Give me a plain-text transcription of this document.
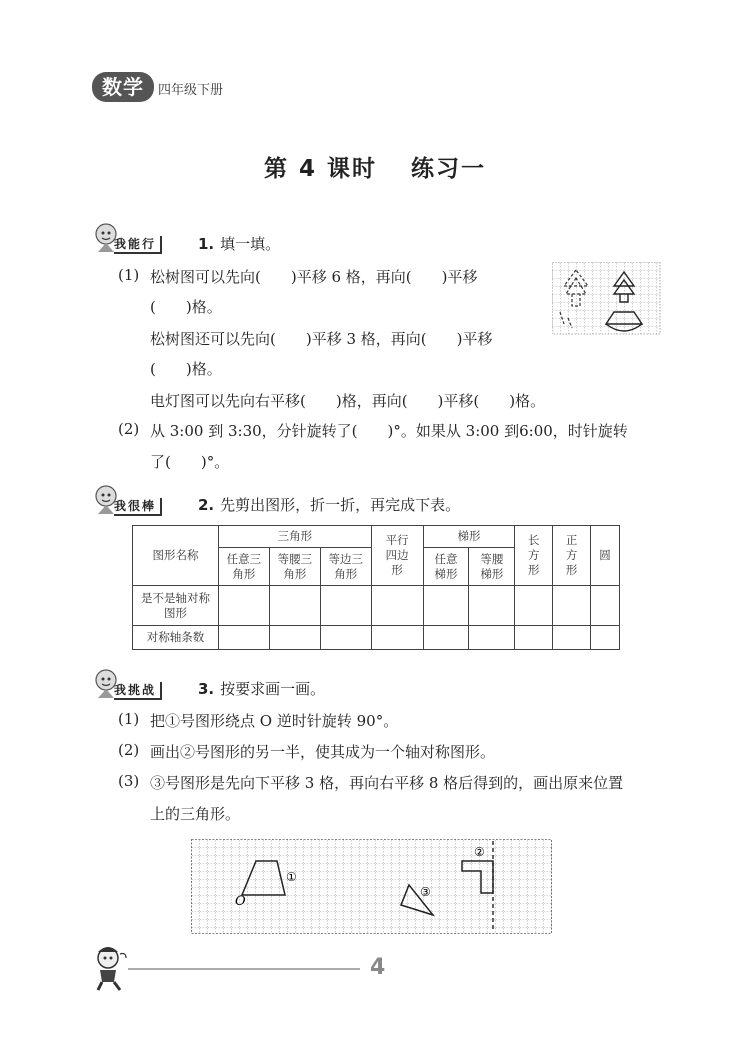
数学	四年级下册
第 4 课时 练习一
我能行	1. 填一填。
(1) 松树图可以先向(　　)平移 6 格，再向(　　)平移
(　　)格。
松树图还可以先向(　　)平移 3 格，再向(　　)平移
(　　)格。
电灯图可以先向右平移(　　)格，再向(　　)平移(　　)格。
(2) 从 3:00 到 3:30，分针旋转了(　　)°。如果从 3:00 到6:00，时针旋转
了(　　)°。
我很棒	2. 先剪出图形，折一折，再完成下表。
图形名称	三角形			平行四边形	梯形		长方形	正方形	圆

	任意三角形	等腰三角形	等边三角形		任意梯形	等腰梯形			

是不是轴对称图形									

对称轴条数									
我挑战	3. 按要求画一画。
(1) 把①号图形绕点 O 逆时针旋转 90°。
(2) 画出②号图形的另一半，使其成为一个轴对称图形。
(3) ③号图形是先向下平移 3 格，再向右平移 8 格后得到的，画出原来位置
上的三角形。
①
O
③
②
4
